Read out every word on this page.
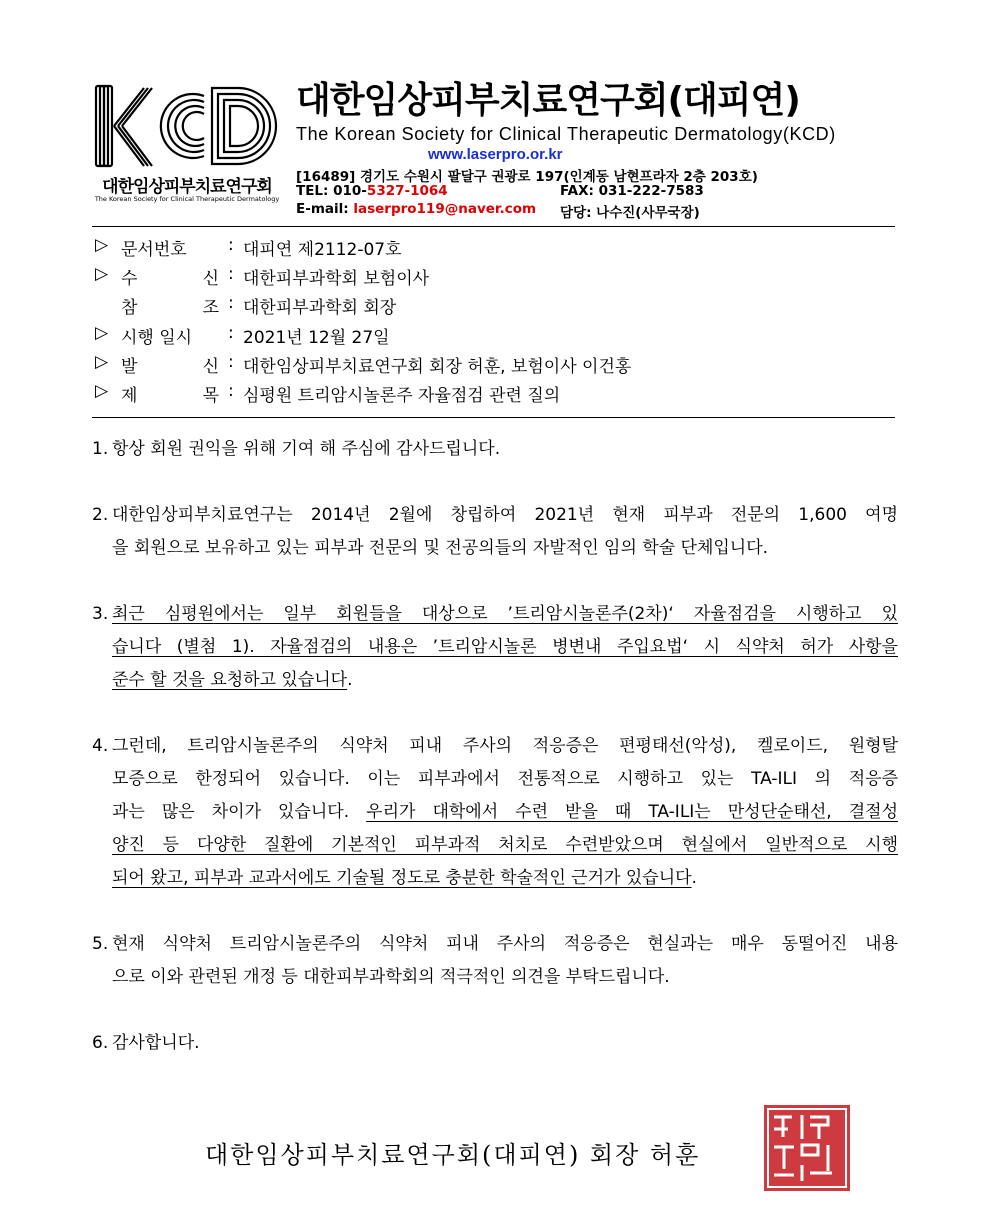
대한임상피부치료연구회
The Korean Society for Clinical Therapeutic Dermatology
대한임상피부치료연구회(대피연)
The Korean Society for Clinical Therapeutic Dermatology(KCD)
www.laserpro.or.kr
[16489] 경기도 수원시 팔달구 권광로 197(인계동 남현프라자 2층 203호)
TEL: 010-5327-1064	FAX: 031-222-7583
E-mail: laserpro119@naver.com 담당: 나수진(사무국장)
▷ 문서번호	: 대피연 제2112-07호
▷ 수	신 : 대한피부과학회 보험이사
참	조 : 대한피부과학회 회장
▷ 시행 일시	: 2021년 12월 27일
▷ 발	신 : 대한임상피부치료연구회 회장 허훈, 보험이사 이건홍
▷ 제	목 : 심평원 트리암시놀론주 자율점검 관련 질의
1. 항상 회원 권익을 위해 기여 해 주심에 감사드립니다.
2. 대한임상피부치료연구는 2014년 2월에 창립하여 2021년 현재 피부과 전문의 1,600 여명
을 회원으로 보유하고 있는 피부과 전문의 및 전공의들의 자발적인 임의 학술 단체입니다.
3. 최근 심평원에서는 일부 회원들을 대상으로 ’트리암시놀론주(2차)‘ 자율점검을 시행하고 있
습니다 (별첨 1). 자율점검의 내용은 ’트리암시놀론 병변내 주입요법‘ 시 식약처 허가 사항을
준수 할 것을 요청하고 있습니다.
4. 그런데, 트리암시놀론주의 식약처 피내 주사의 적응증은 편평태선(악성), 켈로이드, 원형탈
모증으로 한정되어 있습니다. 이는 피부과에서 전통적으로 시행하고 있는 TA-ILI 의 적응증
과는 많은 차이가 있습니다. 우리가 대학에서 수련 받을 때 TA-ILI는 만성단순태선, 결절성
양진 등 다양한 질환에 기본적인 피부과적 처치로 수련받았으며 현실에서 일반적으로 시행
되어 왔고, 피부과 교과서에도 기술될 정도로 충분한 학술적인 근거가 있습니다.
5. 현재 식약처 트리암시놀론주의 식약처 피내 주사의 적응증은 현실과는 매우 동떨어진 내용
으로 이와 관련된 개정 등 대한피부과학회의 적극적인 의견을 부탁드립니다.
6. 감사합니다.
대한임상피부치료연구회(대피연) 회장 허훈
